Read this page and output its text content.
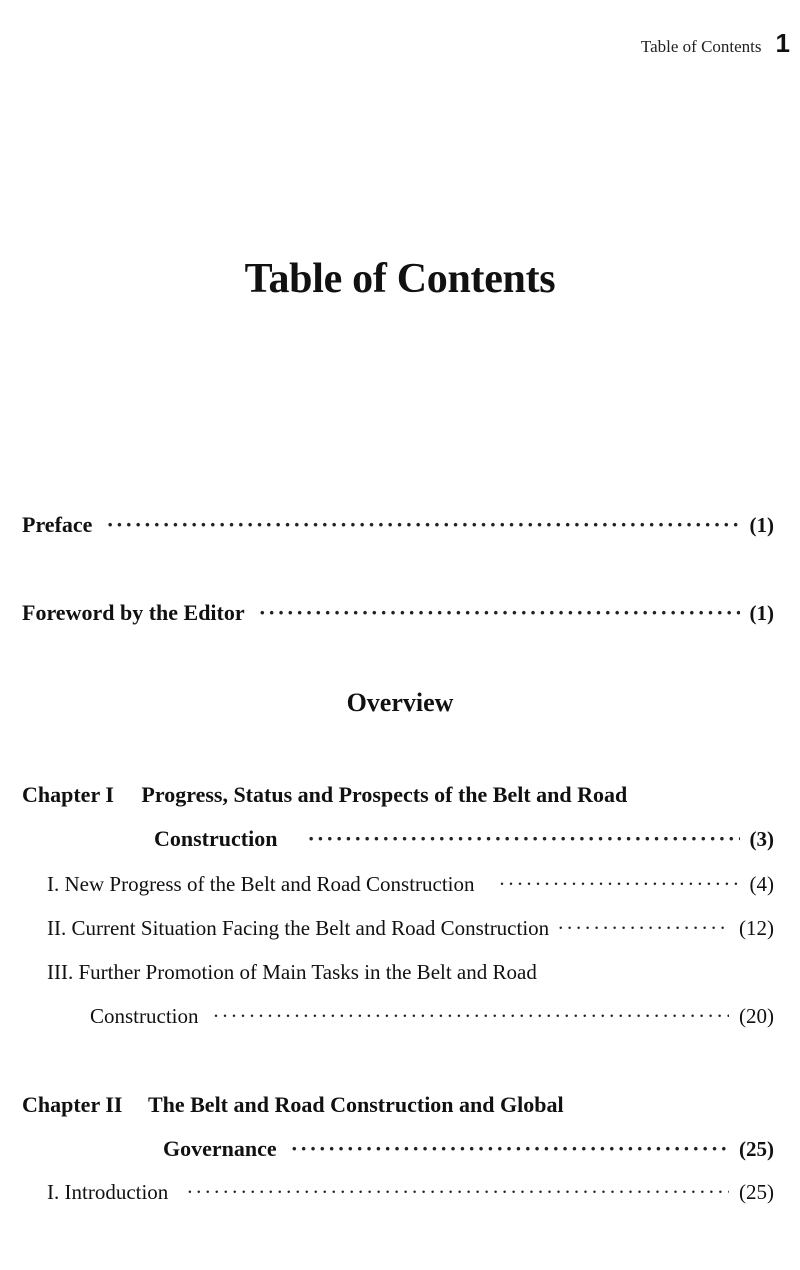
Table of Contents 1
Table of Contents
Preface ·····	(1)
Foreword by the Editor ·····	(1)
Overview
Chapter I Progress, Status and Prospects of the Belt and Road
Construction ·····	(3)
I. New Progress of the Belt and Road Construction ·····	(4)
II. Current Situation Facing the Belt and Road Construction ·····	(12)
III. Further Promotion of Main Tasks in the Belt and Road
Construction ·····	(20)
Chapter II The Belt and Road Construction and Global
Governance ·····	(25)
I. Introduction ·····	(25)
